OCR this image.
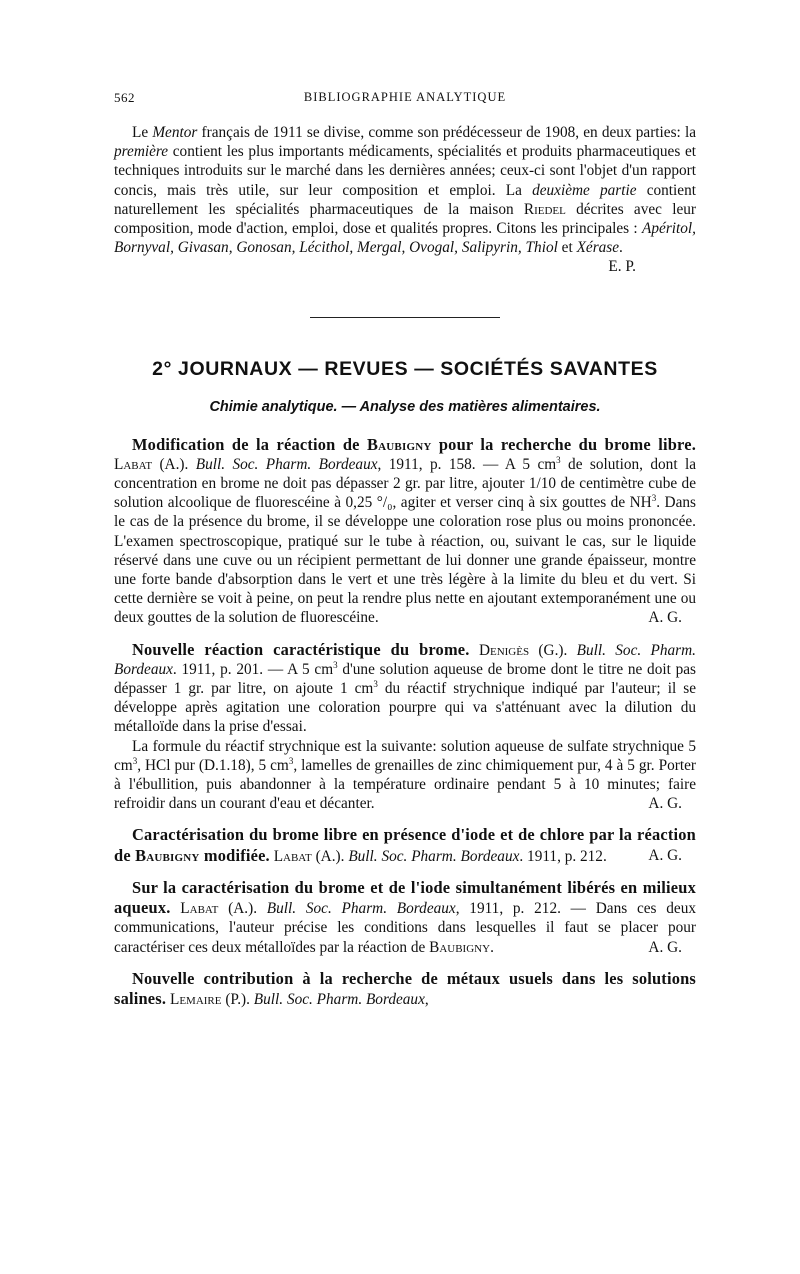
562	BIBLIOGRAPHIE ANALYTIQUE

Le Mentor français de 1911 se divise, comme son prédécesseur de 1908, en deux parties: la première contient les plus importants médicaments, spécialités et produits pharmaceutiques et techniques introduits sur le marché dans les dernières années; ceux-ci sont l'objet d'un rapport concis, mais très utile, sur leur composition et emploi. La deuxième partie contient naturellement les spécialités pharmaceutiques de la maison Riedel décrites avec leur composition, mode d'action, emploi, dose et qualités propres. Citons les principales : Apéritol, Bornyval, Givasan, Gonosan, Lécithol, Mergal, Ovogal, Salipyrin, Thiol et Xérase.
E. P.

2° JOURNAUX — REVUES — SOCIÉTÉS SAVANTES
Chimie analytique. — Analyse des matières alimentaires.

Modification de la réaction de Baubigny pour la recherche du brome libre. Labat (A.). Bull. Soc. Pharm. Bordeaux, 1911, p. 158. — A 5 $cm^3$ de solution, dont la concentration en brome ne doit pas dépasser 2 gr. par litre, ajouter 1/10 de centimètre cube de solution alcoolique de fluorescéine à 0,25 °/₀, agiter et verser cinq à six gouttes de $NH^3$. Dans le cas de la présence du brome, il se développe une coloration rose plus ou moins prononcée. L'examen spectroscopique, pratiqué sur le tube à réaction, ou, suivant le cas, sur le liquide réservé dans une cuve ou un récipient permettant de lui donner une grande épaisseur, montre une forte bande d'absorption dans le vert et une très légère à la limite du bleu et du vert. Si cette dernière se voit à peine, on peut la rendre plus nette en ajoutant extemporanément une ou deux gouttes de la solution de fluorescéine.	A. G.

Nouvelle réaction caractéristique du brome. Denigès (G.). Bull. Soc. Pharm. Bordeaux. 1911, p. 201. — A 5 $cm^3$ d'une solution aqueuse de brome dont le titre ne doit pas dépasser 1 gr. par litre, on ajoute 1 $cm^3$ du réactif strychnique indiqué par l'auteur; il se développe après agitation une coloration pourpre qui va s'atténuant avec la dilution du métalloïde dans la prise d'essai.

La formule du réactif strychnique est la suivante: solution aqueuse de sulfate strychnique 5 $cm^3$, HCl pur (D.1.18), 5 $cm^3$, lamelles de grenailles de zinc chimiquement pur, 4 à 5 gr. Porter à l'ébullition, puis abandonner à la température ordinaire pendant 5 à 10 minutes; faire refroidir dans un courant d'eau et décanter.	A. G.

Caractérisation du brome libre en présence d'iode et de chlore par la réaction de Baubigny modifiée. Labat (A.). Bull. Soc. Pharm. Bordeaux. 1911, p. 212.	A. G.

Sur la caractérisation du brome et de l'iode simultanément libérés en milieux aqueux. Labat (A.). Bull. Soc. Pharm. Bordeaux, 1911, p. 212. — Dans ces deux communications, l'auteur précise les conditions dans lesquelles il faut se placer pour caractériser ces deux métalloïdes par la réaction de Baubigny.	A. G.

Nouvelle contribution à la recherche de métaux usuels dans les solutions salines. Lemaire (P.). Bull. Soc. Pharm. Bordeaux,
